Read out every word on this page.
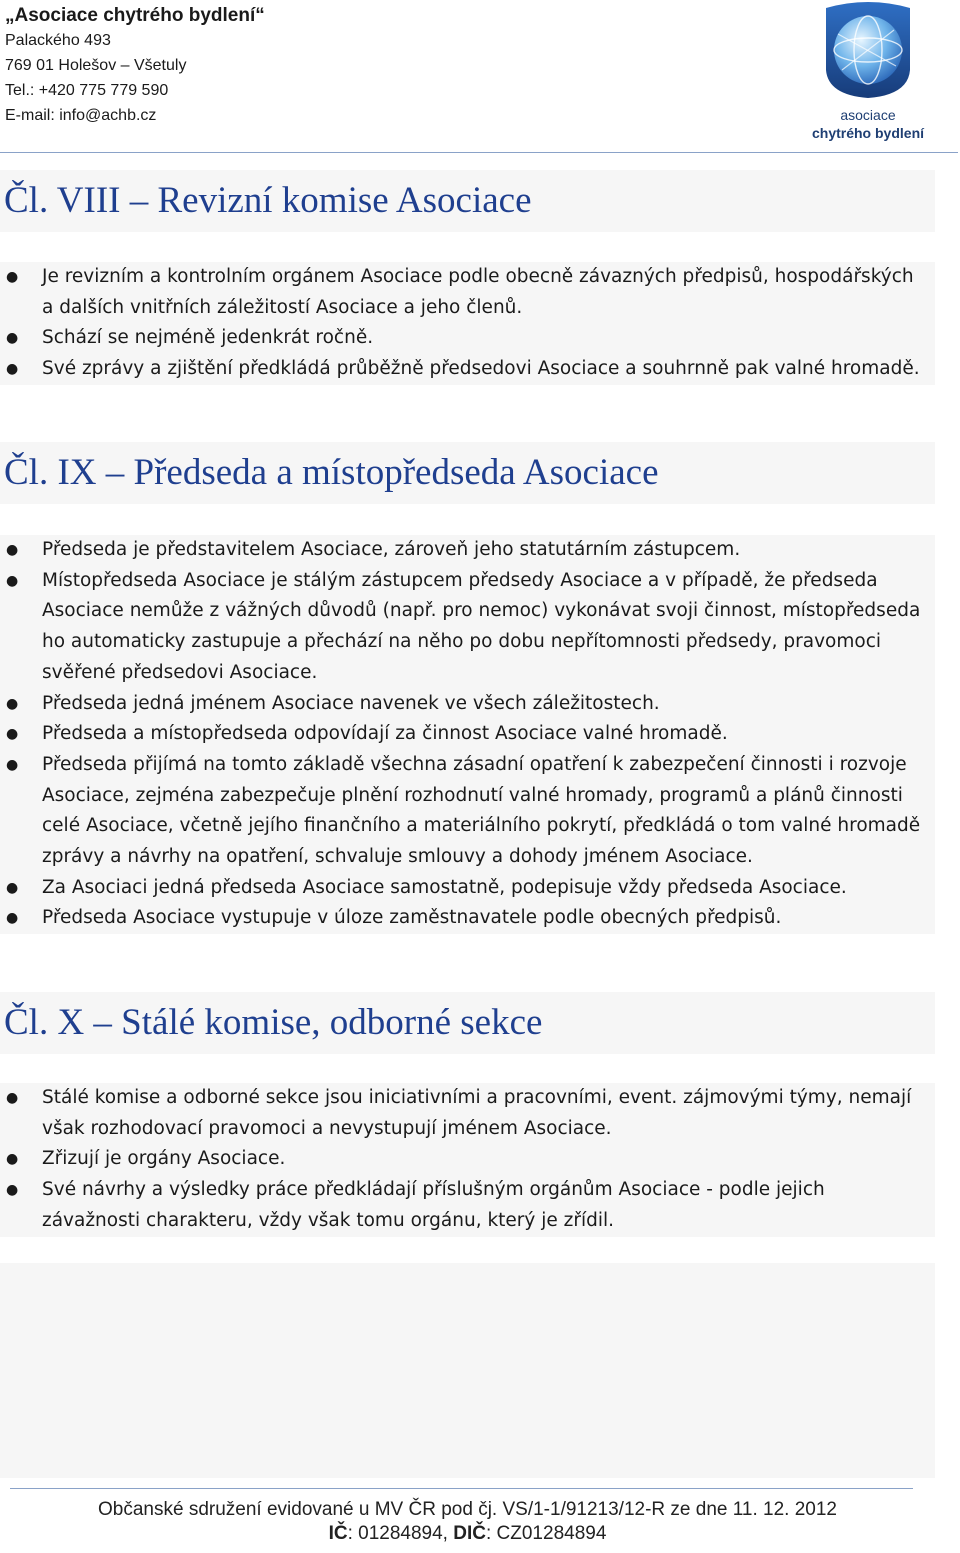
„Asociace chytrého bydlení“
Palackého 493
769 01 Holešov – Všetuly
Tel.: +420 775 779 590
E-mail: info@achb.cz	asociace
chytrého bydlení
Čl. VIII – Revizní komise Asociace
● Je revizním a kontrolním orgánem Asociace podle obecně závazných předpisů, hospodářských a dalších vnitřních záležitostí Asociace a jeho členů.
● Schází se nejméně jedenkrát ročně.
● Své zprávy a zjištění předkládá průběžně předsedovi Asociace a souhrnně pak valné hromadě.
Čl. IX – Předseda a místopředseda Asociace
● Předseda je představitelem Asociace, zároveň jeho statutárním zástupcem.
● Místopředseda Asociace je stálým zástupcem předsedy Asociace a v případě, že předseda Asociace nemůže z vážných důvodů (např. pro nemoc) vykonávat svoji činnost, místopředseda ho automaticky zastupuje a přechází na něho po dobu nepřítomnosti předsedy, pravomoci svěřené předsedovi Asociace.
● Předseda jedná jménem Asociace navenek ve všech záležitostech.
● Předseda a místopředseda odpovídají za činnost Asociace valné hromadě.
● Předseda přijímá na tomto základě všechna zásadní opatření k zabezpečení činnosti i rozvoje Asociace, zejména zabezpečuje plnění rozhodnutí valné hromady, programů a plánů činnosti celé Asociace, včetně jejího finančního a materiálního pokrytí, předkládá o tom valné hromadě zprávy a návrhy na opatření, schvaluje smlouvy a dohody jménem Asociace.
● Za Asociaci jedná předseda Asociace samostatně, podepisuje vždy předseda Asociace.
● Předseda Asociace vystupuje v úloze zaměstnavatele podle obecných předpisů.
Čl. X – Stálé komise, odborné sekce
● Stálé komise a odborné sekce jsou iniciativními a pracovními, event. zájmovými týmy, nemají však rozhodovací pravomoci a nevystupují jménem Asociace.
● Zřizují je orgány Asociace.
● Své návrhy a výsledky práce předkládají příslušným orgánům Asociace - podle jejich závažnosti charakteru, vždy však tomu orgánu, který je zřídil.
Občanské sdružení evidované u MV ČR pod čj. VS/1-1/91213/12-R ze dne 11. 12. 2012
IČ: 01284894, DIČ: CZ01284894
